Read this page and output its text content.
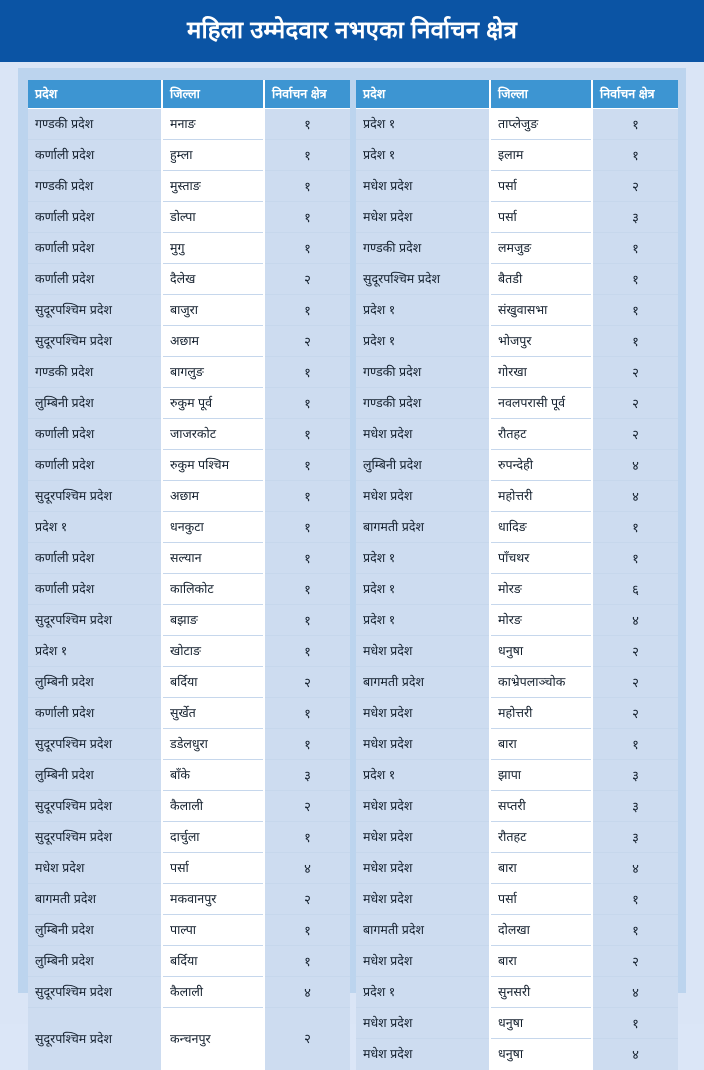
महिला उम्मेदवार नभएका निर्वाचन क्षेत्र
प्रदेश	जिल्ला	निर्वाचन क्षेत्र
गण्डकी प्रदेश	मनाङ	१
कर्णाली प्रदेश	हुम्ला	१
गण्डकी प्रदेश	मुस्ताङ	१
कर्णाली प्रदेश	डोल्पा	१
कर्णाली प्रदेश	मुगु	१
कर्णाली प्रदेश	दैलेख	२
सुदूरपश्चिम प्रदेश	बाजुरा	१
सुदूरपश्चिम प्रदेश	अछाम	२
गण्डकी प्रदेश	बागलुङ	१
लुम्बिनी प्रदेश	रुकुम पूर्व	१
कर्णाली प्रदेश	जाजरकोट	१
कर्णाली प्रदेश	रुकुम पश्चिम	१
सुदूरपश्चिम प्रदेश	अछाम	१
प्रदेश १	धनकुटा	१
कर्णाली प्रदेश	सल्यान	१
कर्णाली प्रदेश	कालिकोट	१
सुदूरपश्चिम प्रदेश	बझाङ	१
प्रदेश १	खोटाङ	१
लुम्बिनी प्रदेश	बर्दिया	२
कर्णाली प्रदेश	सुर्खेत	१
सुदूरपश्चिम प्रदेश	डडेलधुरा	१
लुम्बिनी प्रदेश	बाँके	३
सुदूरपश्चिम प्रदेश	कैलाली	२
सुदूरपश्चिम प्रदेश	दार्चुला	१
मधेश प्रदेश	पर्सा	४
बागमती प्रदेश	मकवानपुर	२
लुम्बिनी प्रदेश	पाल्पा	१
लुम्बिनी प्रदेश	बर्दिया	१
सुदूरपश्चिम प्रदेश	कैलाली	४
सुदूरपश्चिम प्रदेश	कन्चनपुर	२
प्रदेश	जिल्ला	निर्वाचन क्षेत्र
प्रदेश १	ताप्लेजुङ	१
प्रदेश १	इलाम	१
मधेश प्रदेश	पर्सा	२
मधेश प्रदेश	पर्सा	३
गण्डकी प्रदेश	लमजुङ	१
सुदूरपश्चिम प्रदेश	बैतडी	१
प्रदेश १	संखुवासभा	१
प्रदेश १	भोजपुर	१
गण्डकी प्रदेश	गोरखा	२
गण्डकी प्रदेश	नवलपरासी पूर्व	२
मधेश प्रदेश	रौतहट	२
लुम्बिनी प्रदेश	रुपन्देही	४
मधेश प्रदेश	महोत्तरी	४
बागमती प्रदेश	धादिङ	१
प्रदेश १	पाँचथर	१
प्रदेश १	मोरङ	६
प्रदेश १	मोरङ	४
मधेश प्रदेश	धनुषा	२
बागमती प्रदेश	काभ्रेपलाञ्चोक	२
मधेश प्रदेश	महोत्तरी	२
मधेश प्रदेश	बारा	१
प्रदेश १	झापा	३
मधेश प्रदेश	सप्तरी	३
मधेश प्रदेश	रौतहट	३
मधेश प्रदेश	बारा	४
मधेश प्रदेश	पर्सा	१
बागमती प्रदेश	दोलखा	१
मधेश प्रदेश	बारा	२
प्रदेश १	सुनसरी	४
मधेश प्रदेश	धनुषा	१
मधेश प्रदेश	धनुषा	४
